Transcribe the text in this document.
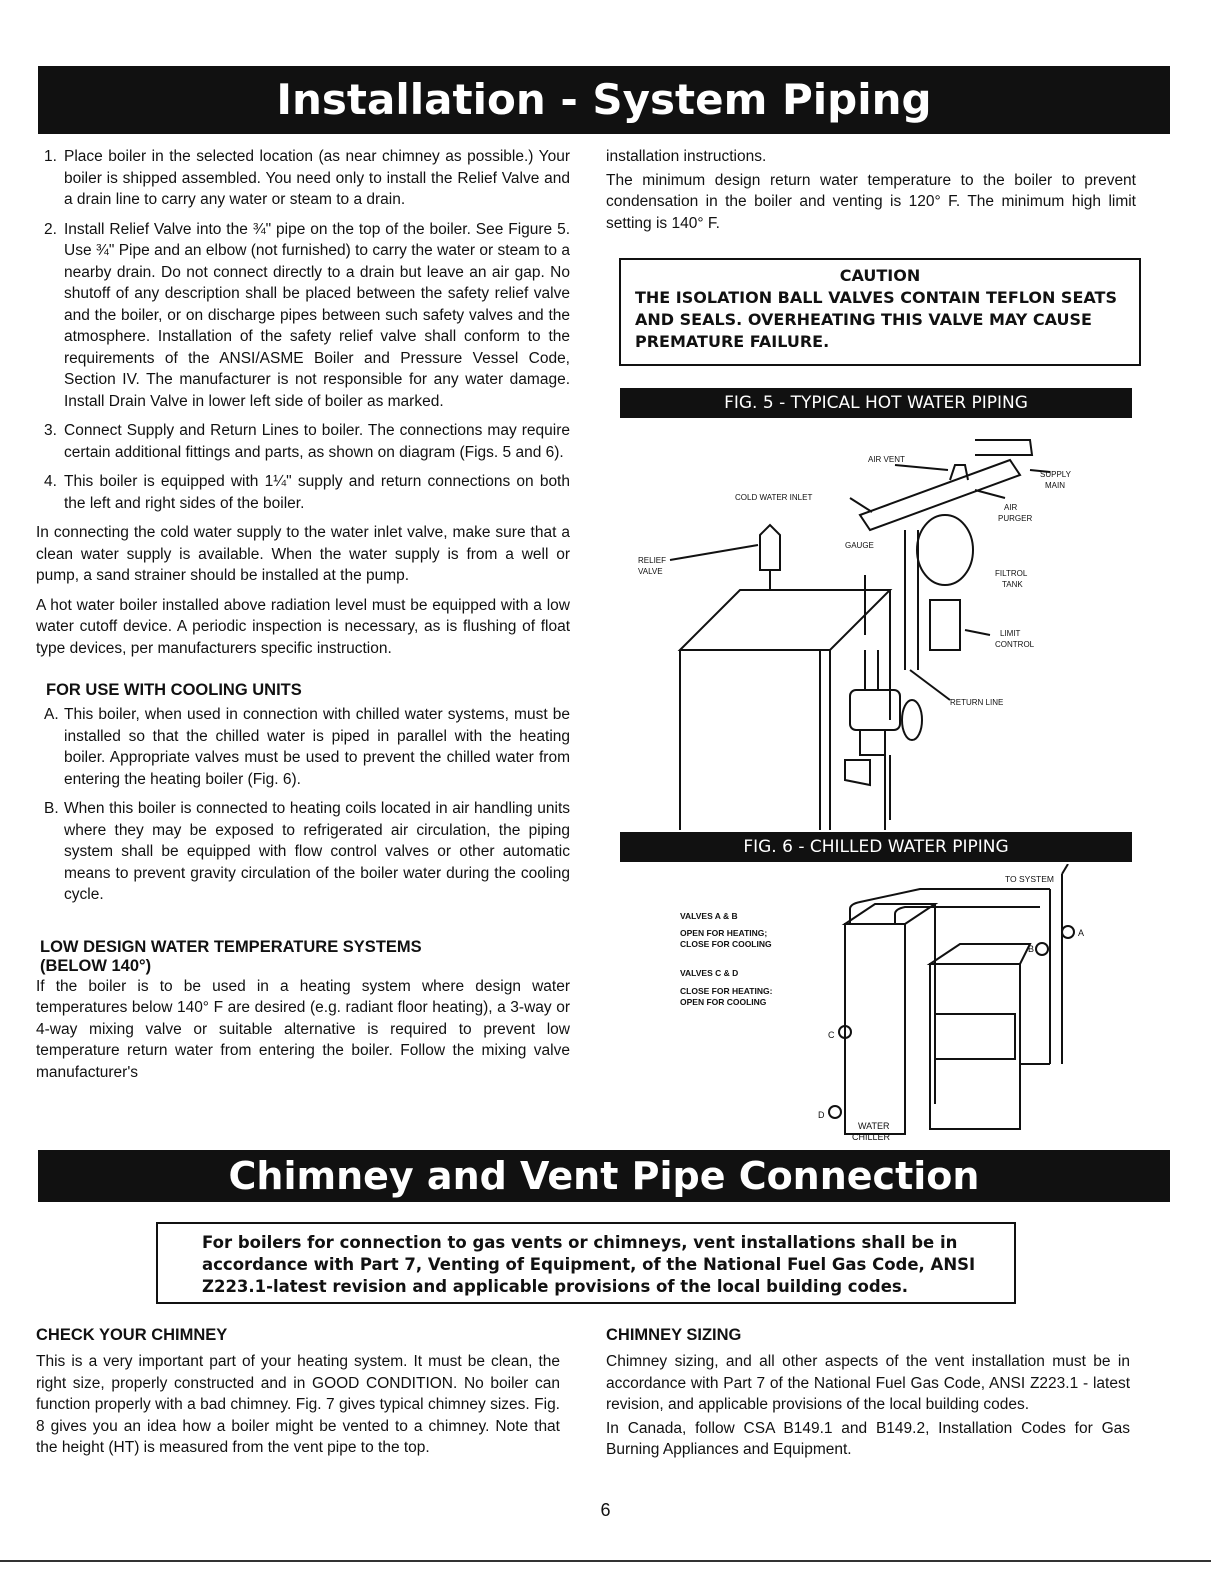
Installation - System Piping
1. Place boiler in the selected location (as near chimney as possible.) Your boiler is shipped assembled. You need only to install the Relief Valve and a drain line to carry any water or steam to a drain.
2. Install Relief Valve into the ¾" pipe on the top of the boiler. See Figure 5. Use ¾" Pipe and an elbow (not furnished) to carry the water or steam to a nearby drain. Do not connect directly to a drain but leave an air gap. No shutoff of any description shall be placed between the safety relief valve and the boiler, or on discharge pipes between such safety valves and the atmosphere. Installation of the safety relief valve shall conform to the requirements of the ANSI/ASME Boiler and Pressure Vessel Code, Section IV. The manufacturer is not responsible for any water damage. Install Drain Valve in lower left side of boiler as marked.
3. Connect Supply and Return Lines to boiler. The connections may require certain additional fittings and parts, as shown on diagram (Figs. 5 and 6).
4. This boiler is equipped with 1¼" supply and return connections on both the left and right sides of the boiler.

In connecting the cold water supply to the water inlet valve, make sure that a clean water supply is available. When the water supply is from a well or pump, a sand strainer should be installed at the pump.

A hot water boiler installed above radiation level must be equipped with a low water cutoff device. A periodic inspection is necessary, as is flushing of float type devices, per manufacturers specific instruction.

FOR USE WITH COOLING UNITS
A. This boiler, when used in connection with chilled water systems, must be installed so that the chilled water is piped in parallel with the heating boiler. Appropriate valves must be used to prevent the chilled water from entering the heating boiler (Fig. 6).
B. When this boiler is connected to heating coils located in air handling units where they may be exposed to refrigerated air circulation, the piping system shall be equipped with flow control valves or other automatic means to prevent gravity circulation of the boiler water during the cooling cycle.
LOW DESIGN WATER TEMPERATURE SYSTEMS
(BELOW 140°)

If the boiler is to be used in a heating system where design water temperatures below 140° F are desired (e.g. radiant floor heating), a 3-way or 4-way mixing valve or suitable alternative is required to prevent low temperature return water from entering the boiler. Follow the mixing valve manufacturer's

installation instructions.

The minimum design return water temperature to the boiler to prevent condensation in the boiler and venting is 120° F. The minimum high limit setting is 140° F.

CAUTION
THE ISOLATION BALL VALVES CONTAIN TEFLON SEATS AND SEALS. OVERHEATING THIS VALVE MAY CAUSE PREMATURE FAILURE.
FIG. 5 - TYPICAL HOT WATER PIPING
AIR VENT
SUPPLY
MAIN
COLD WATER INLET
AIR
PURGER
GAUGE
RELIEF
VALVE	FILTROL
TANK
LIMIT
CONTROL
RETURN LINE
FIG. 6 - CHILLED WATER PIPING
TO SYSTEM
VALVES A & B
OPEN FOR HEATING;
CLOSE FOR COOLING
VALVES C & D
CLOSE FOR HEATING:
OPEN FOR COOLING
A
B
C
D
WATER
CHILLER
Chimney and Vent Pipe Connection
For boilers for connection to gas vents or chimneys, vent installations shall be in accordance with Part 7, Venting of Equipment, of the National Fuel Gas Code, ANSI Z223.1-latest revision and applicable provisions of the local building codes.
CHECK YOUR CHIMNEY

This is a very important part of your heating system. It must be clean, the right size, properly constructed and in GOOD CONDITION. No boiler can function properly with a bad chimney. Fig. 7 gives typical chimney sizes. Fig. 8 gives you an idea how a boiler might be vented to a chimney. Note that the height (HT) is measured from the vent pipe to the top.

CHIMNEY SIZING

Chimney sizing, and all other aspects of the vent installation must be in accordance with Part 7 of the National Fuel Gas Code, ANSI Z223.1 - latest revision, and applicable provisions of the local building codes.

In Canada, follow CSA B149.1 and B149.2, Installation Codes for Gas Burning Appliances and Equipment.

6
